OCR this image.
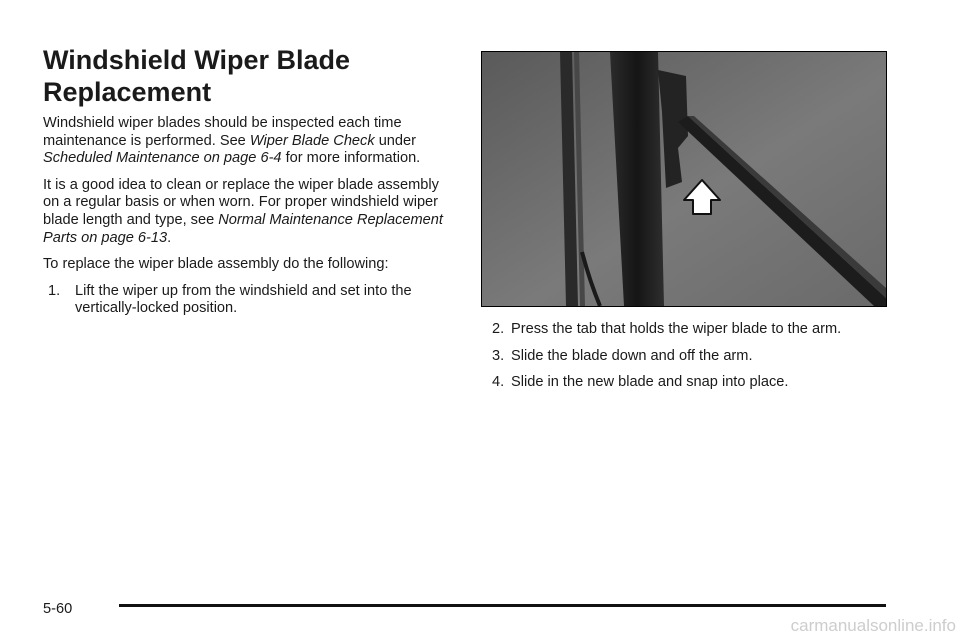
Windshield Wiper Blade Replacement

Windshield wiper blades should be inspected each time maintenance is performed. See Wiper Blade Check under Scheduled Maintenance on page 6-4 for more information.

It is a good idea to clean or replace the wiper blade assembly on a regular basis or when worn. For proper windshield wiper blade length and type, see Normal Maintenance Replacement Parts on page 6-13.

To replace the wiper blade assembly do the following:

1. Lift the wiper up from the windshield and set into the vertically-locked position.
2. Press the tab that holds the wiper blade to the arm.
3. Slide the blade down and off the arm.
4. Slide in the new blade and snap into place.
5-60
carmanualsonline.info
